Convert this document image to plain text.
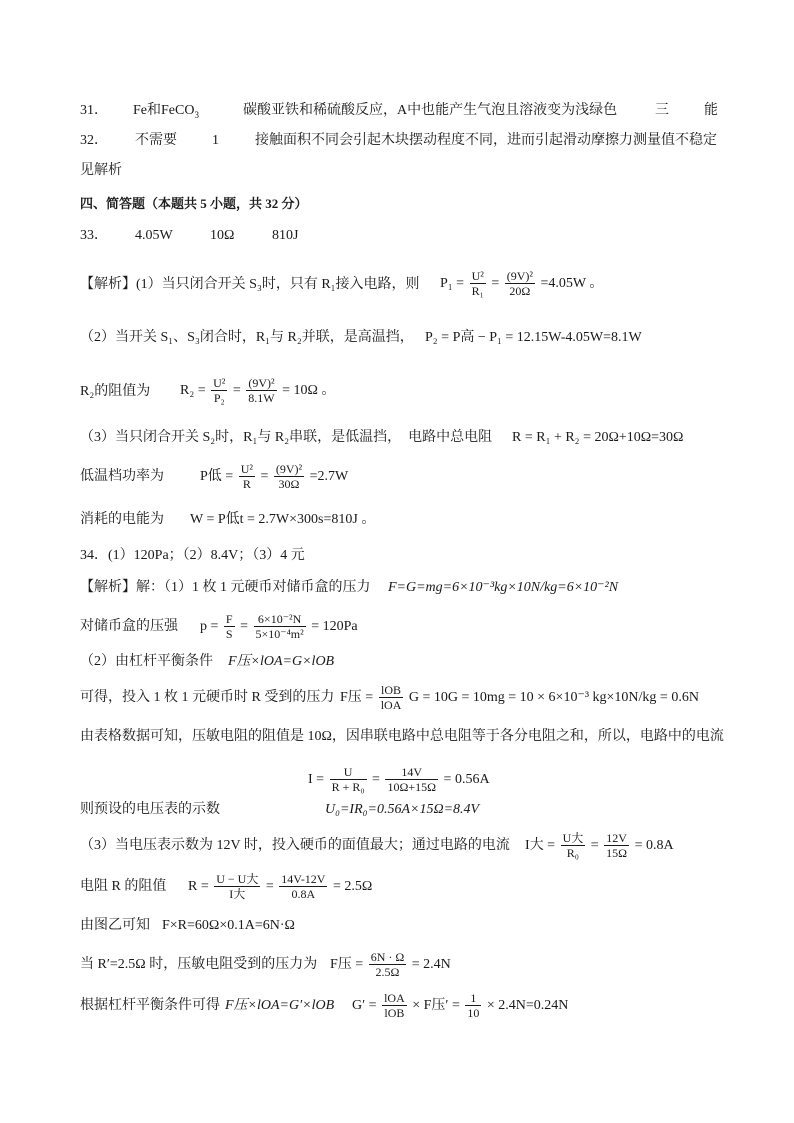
31． Fe和FeCO$_3$	碳酸亚铁和稀硫酸反应，A中也能产生气泡且溶液变为浅绿色	三	能
32． 不需要	1	接触面积不同会引起木块摆动程度不同，进而引起滑动摩擦力测量值不稳定
见解析
四、简答题（本题共 5 小题，共 32 分）
33． 4.05W	10Ω	810J
【解析】(1）当只闭合开关 S₃时，只有 R₁接入电路，则 $P_1 = \frac{\text{U²}}{\text{R₁}} = \frac{\text{(9V)²}}{20\Omega} =4.05W$ 。
（2）当开关 S₁、S₃闭合时，R₁与 R₂并联，是高温挡， P₂ = P高 − P₁ = 12.15W-4.05W=8.1W
R₂的阻值为 $R_2 = \frac{\text{U²}}{\text{P₂}} = \frac{\text{(9V)²}}{8.1W} = 10\Omega$ 。
（3）当只闭合开关 S₂时，R₁与 R₂串联，是低温挡，　电路中总电阻 R = R₁ + R₂ = 20Ω+10Ω=30Ω
低温档功率为	P低 = $\frac{\text{U²}}{R} = \frac{\text{(9V)²}}{30\Omega} =2.7W$
消耗的电能为 W = P低t = 2.7W×300s=810J 。
34．(1）120Pa；（2）8.4V；（3）4 元
【解析】解：（1）1 枚 1 元硬币对储币盒的压力 F=G=mg=6×10⁻³kg×10N/kg=6×10⁻²N
对储币盒的压强 $p = \frac{F}{S} = \frac{\text{6×10⁻²N}}{\text{5×10⁻⁴m²}} = 120Pa$
（2）由杠杆平衡条件 F压×lOA=G×lOB
可得，投入 1 枚 1 元硬币时 R 受到的压力 F压 = lOB
lOA
G = 10G = 10mg = 10 × 6×10⁻³ kg×10N/kg = 0.6N
由表格数据可知，压敏电阻的阻值是 10Ω，因串联电路中总电阻等于各分电阻之和，所以，电路中的电流
$I = \frac{U}{\text{R + R₀}} = \frac{14V}{10\Omega+15\Omega} = 0.56A$
则预设的电压表的示数	U₀=IR₀=0.56A×15Ω=8.4V
（3）当电压表示数为 12V 时，投入硬币的面值最大；通过电路的电流 I大 = U大
R₀
= $\frac{12V}{15\Omega} = 0.8A$
电阻 R 的阻值 R = U − U大
I大
= $\frac{14V-12V}{0.8A} = 2.5\Omega$
由图乙可知 F×R=60Ω×0.1A=6N·Ω
当 R′=2.5Ω 时，压敏电阻受到的压力为 F压 = $\frac{6N \cdot \Omega}{2.5\Omega} = 2.4N$
根据杠杆平衡条件可得 F压×lOA=G′×lOB G′ = lOA
lOB
× F压′ = $\frac{1}{10} \times 2.4N=0.24N$
